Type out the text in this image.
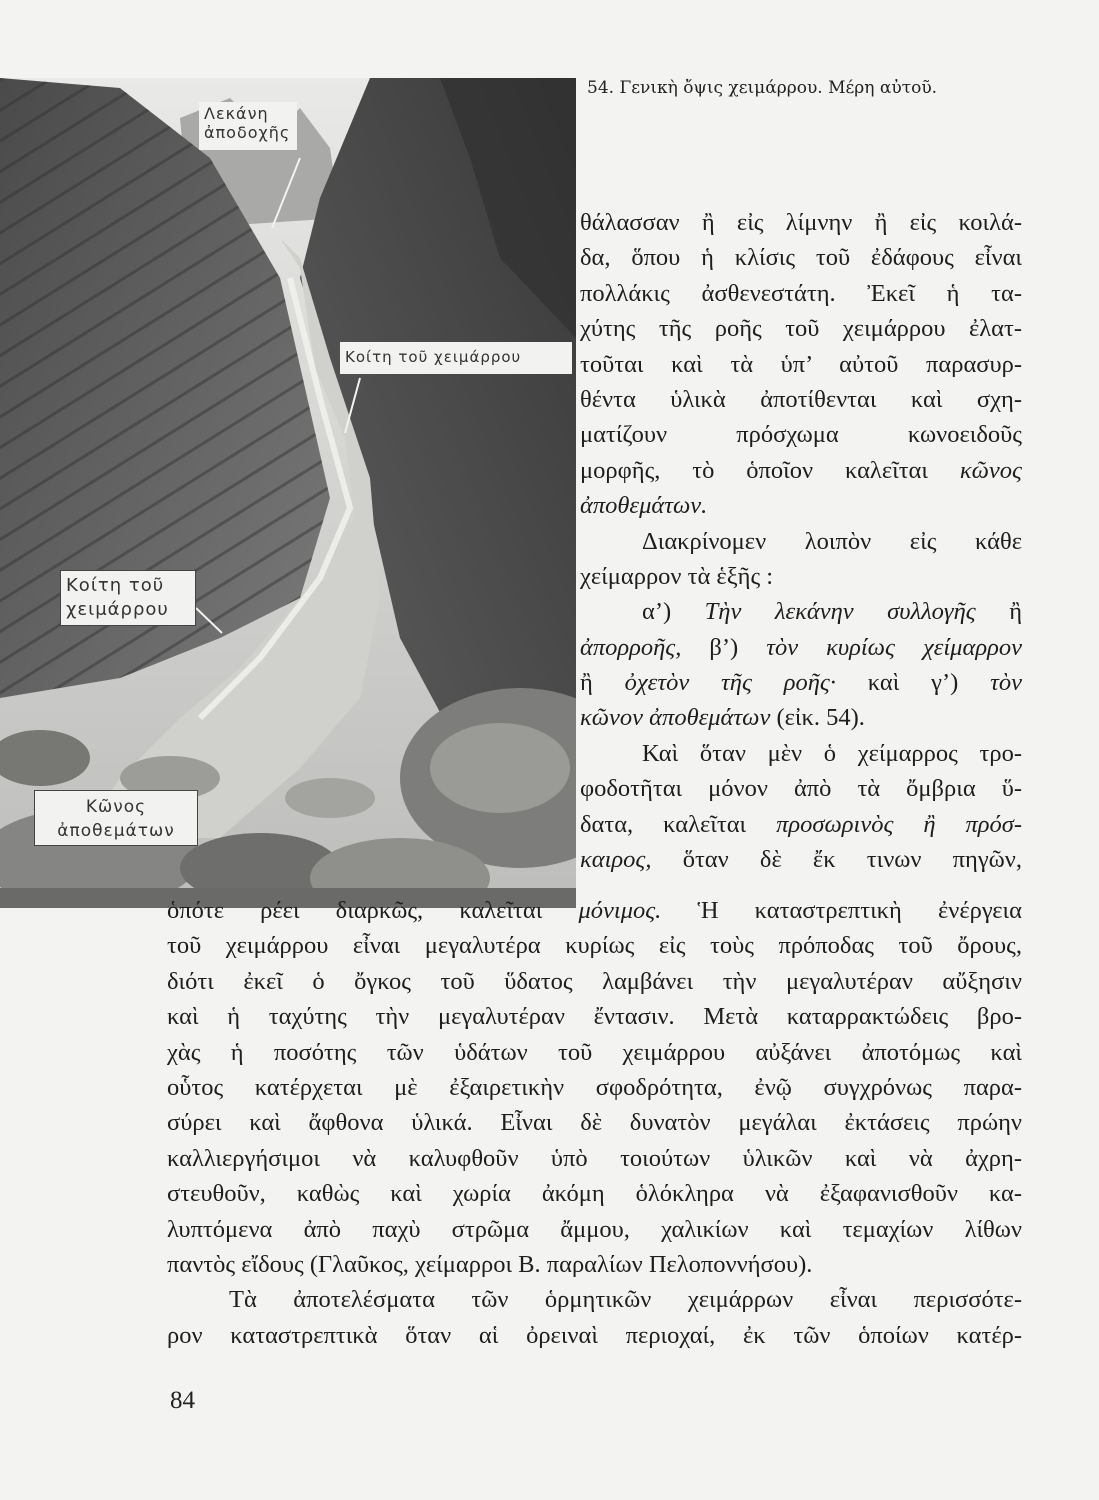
Λεκάνη
ἀποδοχῆς
Κοίτη τοῦ χειμάρρου
Κοίτη τοῦ
χειμάρρου
Κῶνος
ἀποθεμάτων
54. Γενικὴ ὄψις χειμάρρου. Μέρη αὐτοῦ.
θάλασσαν ἢ εἰς λίμνην ἢ εἰς κοιλά-
δα, ὅπου ἡ κλίσις τοῦ ἐδάφους εἶναι
πολλάκις ἀσθενεστάτη. Ἐκεῖ ἡ τα-
χύτης τῆς ροῆς τοῦ χειμάρρου ἐλατ-
τοῦται καὶ τὰ ὑπ’ αὐτοῦ παρασυρ-
θέντα ὑλικὰ ἀποτίθενται καὶ σχη-
ματίζουν πρόσχωμα κωνοειδοῦς
μορφῆς, τὸ ὁποῖον καλεῖται κῶνος
ἀποθεμάτων.
Διακρίνομεν λοιπὸν εἰς κάθε
χείμαρρον τὰ ἑξῆς :
α’) Τὴν λεκάνην συλλογῆς ἢ
ἀπορροῆς, β’) τὸν κυρίως χείμαρρον
ἢ ὀχετὸν τῆς ροῆς· καὶ γ’) τὸν
κῶνον ἀποθεμάτων (εἰκ. 54).
Καὶ ὅταν μὲν ὁ χείμαρρος τρο-
φοδοτῆται μόνον ἀπὸ τὰ ὄμβρια ὕ-
δατα, καλεῖται προσωρινὸς ἢ πρόσ-
καιρος, ὅταν δὲ ἔκ τινων πηγῶν,
ὁπότε ρέει διαρκῶς, καλεῖται μόνιμος. Ἡ καταστρεπτικὴ ἐνέργεια
τοῦ χειμάρρου εἶναι μεγαλυτέρα κυρίως εἰς τοὺς πρόποδας τοῦ ὄρους,
διότι ἐκεῖ ὁ ὄγκος τοῦ ὕδατος λαμβάνει τὴν μεγαλυτέραν αὔξησιν
καὶ ἡ ταχύτης τὴν μεγαλυτέραν ἔντασιν. Μετὰ καταρρακτώδεις βρο-
χὰς ἡ ποσότης τῶν ὑδάτων τοῦ χειμάρρου αὐξάνει ἀποτόμως καὶ
οὗτος κατέρχεται μὲ ἐξαιρετικὴν σφοδρότητα, ἐνῷ συγχρόνως παρα-
σύρει καὶ ἄφθονα ὑλικά. Εἶναι δὲ δυνατὸν μεγάλαι ἐκτάσεις πρώην
καλλιεργήσιμοι νὰ καλυφθοῦν ὑπὸ τοιούτων ὑλικῶν καὶ νὰ ἀχρη-
στευθοῦν, καθὼς καὶ χωρία ἀκόμη ὁλόκληρα νὰ ἐξαφανισθοῦν κα-
λυπτόμενα ἀπὸ παχὺ στρῶμα ἄμμου, χαλικίων καὶ τεμαχίων λίθων
παντὸς εἴδους (Γλαῦκος, χείμαρροι Β. παραλίων Πελοποννήσου).
Τὰ ἀποτελέσματα τῶν ὁρμητικῶν χειμάρρων εἶναι περισσότε-
ρον καταστρεπτικὰ ὅταν αἱ ὀρειναὶ περιοχαί, ἐκ τῶν ὁποίων κατέρ-
84
